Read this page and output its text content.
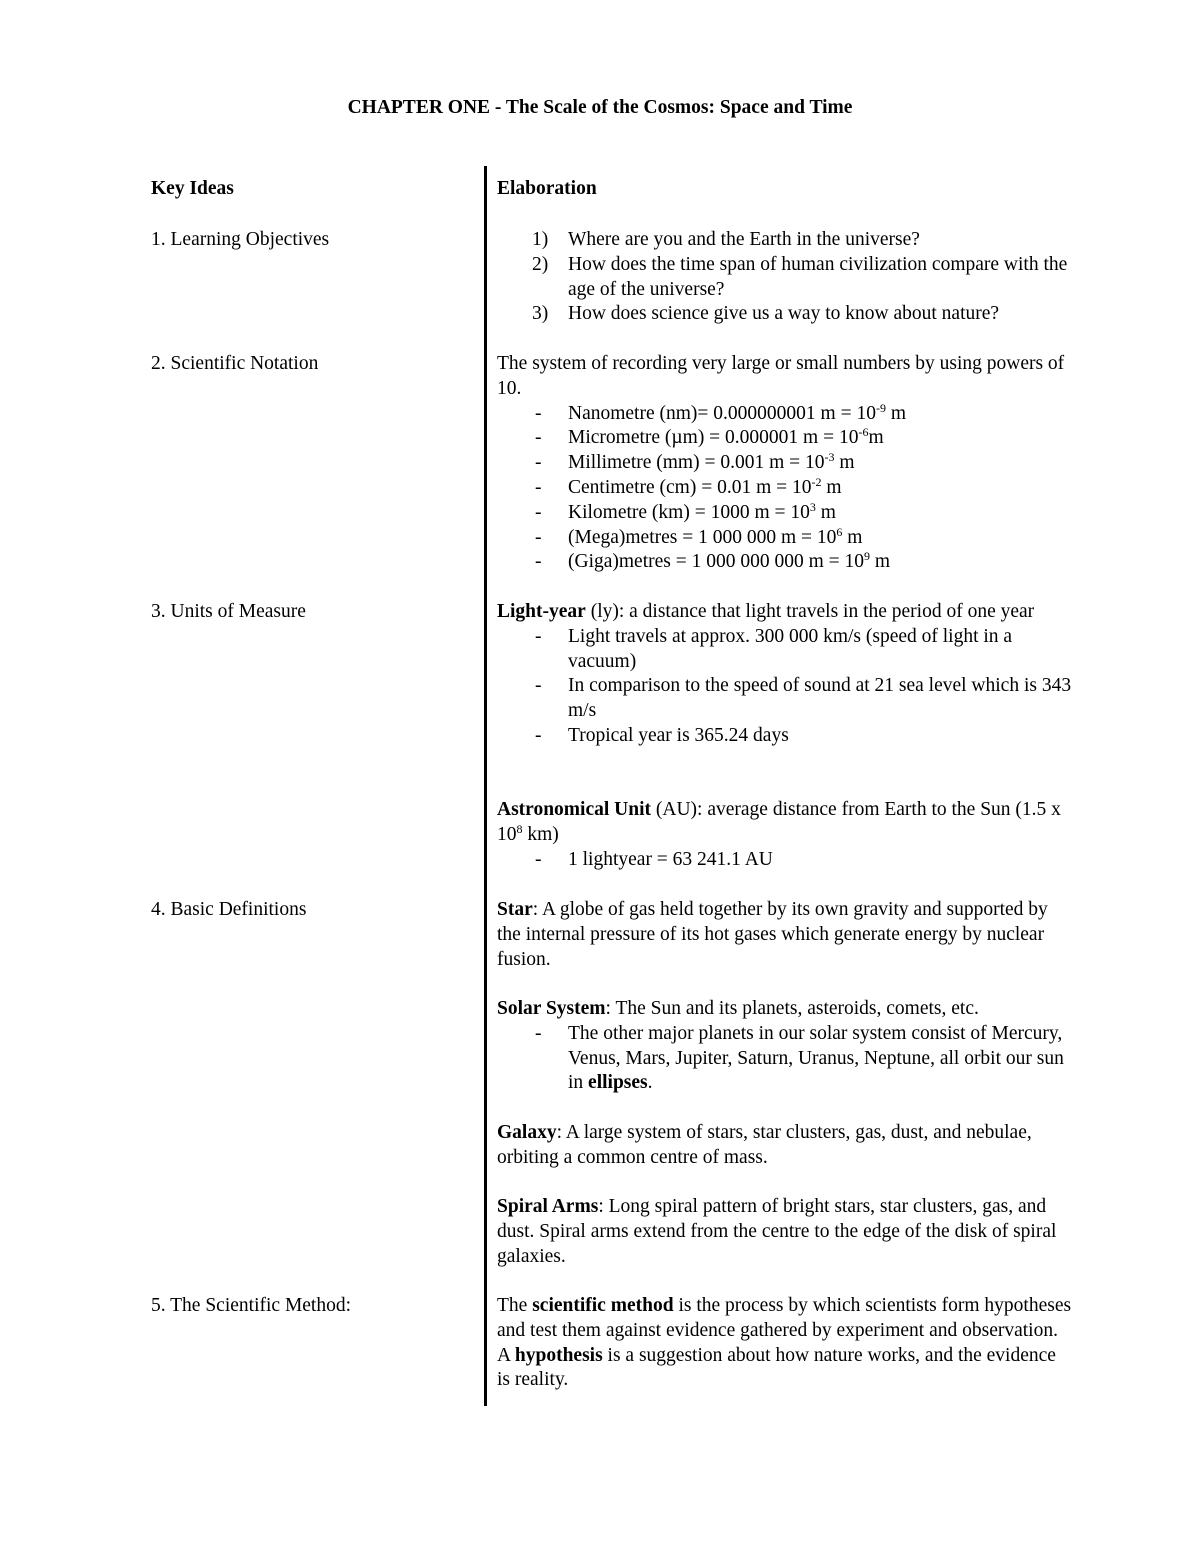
CHAPTER ONE - The Scale of the Cosmos: Space and Time
Key Ideas
1. Learning Objectives
2. Scientific Notation
3. Units of Measure
4. Basic Definitions
5. The Scientific Method:
Elaboration
1) Where are you and the Earth in the universe?
2) How does the time span of human civilization compare with the age of the universe?
3) How does science give us a way to know about nature?
The system of recording very large or small numbers by using powers of 10.
- Nanometre (nm)= 0.000000001 $m = 10^{-9}$ m
- Micrometre (µm) = 0.000001 $m = 10^{-6}m$
- Millimetre (mm) = 0.001 $m = 10^{-3}$ m
- Centimetre (cm) = 0.01 $m = 10^{-2}$ m
- Kilometre (km) = 1000 $m = 10^3$ m
- (Mega)metres = 1 000 000 $m = 10^6$ m
- (Giga)metres = 1 000 000 000 $m = 10^9$ m
Light-year (ly): a distance that light travels in the period of one year
- Light travels at approx. 300 000 km/s (speed of light in a vacuum)
- In comparison to the speed of sound at 21 sea level which is 343 m/s
- Tropical year is 365.24 days
Astronomical Unit (AU): average distance from Earth to the Sun (1.5 x $10^8$ km)
- 1 lightyear = 63 241.1 AU
Star: A globe of gas held together by its own gravity and supported by the internal pressure of its hot gases which generate energy by nuclear fusion.
Solar System: The Sun and its planets, asteroids, comets, etc.
- The other major planets in our solar system consist of Mercury, Venus, Mars, Jupiter, Saturn, Uranus, Neptune, all orbit our sun in ellipses.
Galaxy: A large system of stars, star clusters, gas, dust, and nebulae, orbiting a common centre of mass.
Spiral Arms: Long spiral pattern of bright stars, star clusters, gas, and dust. Spiral arms extend from the centre to the edge of the disk of spiral galaxies.
The scientific method is the process by which scientists form hypotheses and test them against evidence gathered by experiment and observation. A hypothesis is a suggestion about how nature works, and the evidence is reality.
